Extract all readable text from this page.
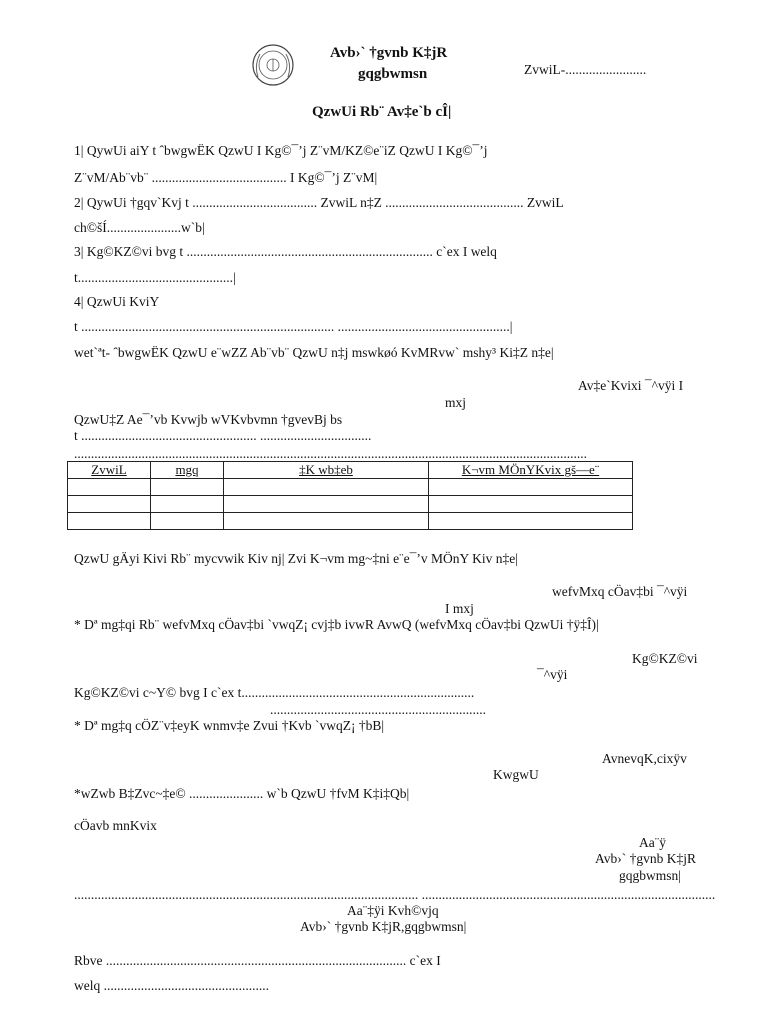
Avb›` †gvnb K‡jR
gqgbwmsn	ZvwiL-........................
QzwUi Rb¨ Av‡e`b cÎ|
1| QywUi aiY t ˆbwgwËK QzwU I Kg©¯’j Z¨vM/KZ©e¨iZ QzwU I Kg©¯’j
Z¨vM/Ab¨vb¨ ........................................ I Kg©¯’j Z¨vM|
2| QywUi †gqv`Kvj t ..................................... ZvwiL n‡Z ......................................... ZvwiL
ch©šÍ......................w`b|
3| Kg©KZ©vi bvg t ......................................................................... c`ex I welq
t..............................................|
4| QzwUi KviY
t ........................................................................... ...................................................|
wet`ªt- ˆbwgwËK QzwU e¨wZZ Ab¨vb¨ QzwU n‡j mswkøó KvMRvw` mshy³ Ki‡Z n‡e|
Av‡e`Kvixi ¯^vÿi I
mxj
QzwU‡Z Ae¯’vb Kvwjb wVKvbvmn †gvevBj bs
t .................................................... .................................
........................................................................................................................................................
ZvwiL	mgq	‡K wb‡eb	K¬vm MÖnYKvix gš—e¨

QzwU gÄyi Kivi Rb¨ mycvwik Kiv nj| Zvi K¬vm mg~‡ni e¨e¯’v MÖnY Kiv n‡e|
wefvMxq cÖav‡bi ¯^vÿi
I mxj
* Dª mg‡qi Rb¨ wefvMxq cÖav‡bi `vwqZ¡ cvj‡b ivwR AvwQ (wefvMxq cÖav‡bi QzwUi †ÿ‡Î)|
Kg©KZ©vi
¯^vÿi
Kg©KZ©vi c~Y© bvg I c`ex t.....................................................................
................................................................
* Dª mg‡q cÖZ¨v‡eyK wnmv‡e Zvui †Kvb `vwqZ¡ †bB|
AvnevqK,cixÿv
KwgwU
*wZwb B‡Zvc~‡e© ...................... w`b QzwU †fvM K‡i‡Qb|
cÖavb mnKvix
Aa¨ÿ
Avb›` †gvnb K‡jR
gqgbwmsn|
...................................................................................................... .......................................................................................
Aa¨‡ÿi Kvh©vjq
Avb›` †gvnb K‡jR,gqgbwmsn|
Rbve ......................................................................................... c`ex I
welq .................................................
